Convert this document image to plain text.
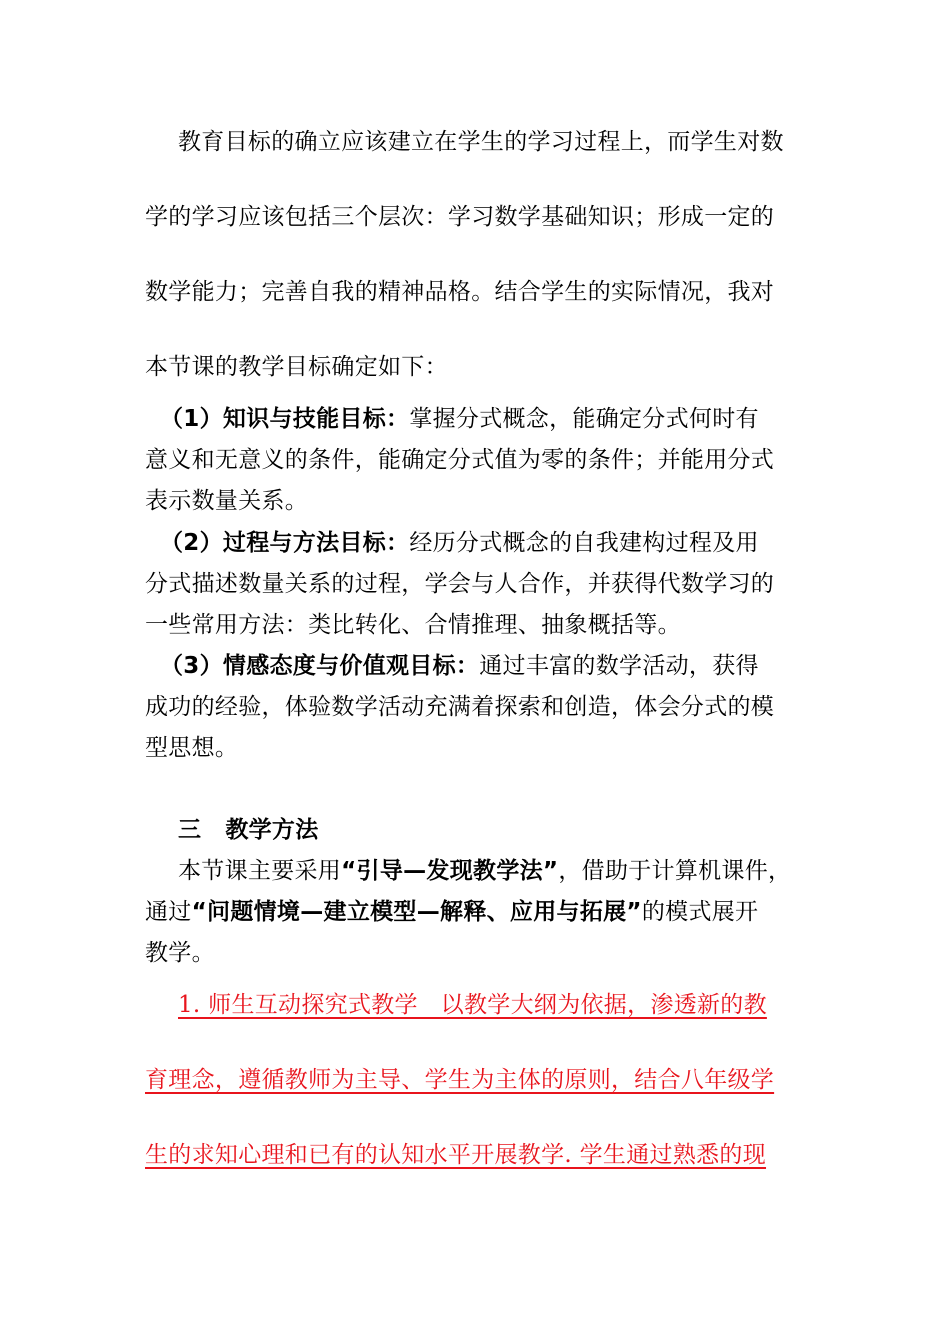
教育目标的确立应该建立在学生的学习过程上，而学生对数
学的学习应该包括三个层次：学习数学基础知识；形成一定的
数学能力；完善自我的精神品格。结合学生的实际情况，我对
本节课的教学目标确定如下：
（1）知识与技能目标：掌握分式概念，能确定分式何时有
意义和无意义的条件，能确定分式值为零的条件；并能用分式
表示数量关系。
（2）过程与方法目标：经历分式概念的自我建构过程及用
分式描述数量关系的过程，学会与人合作，并获得代数学习的
一些常用方法：类比转化、合情推理、抽象概括等。
（3）情感态度与价值观目标：通过丰富的数学活动，获得
成功的经验，体验数学活动充满着探索和创造，体会分式的模
型思想。
三 教学方法
本节课主要采用“引导—发现教学法”，借助于计算机课件，
通过“问题情境—建立模型—解释、应用与拓展”的模式展开
教学。
1. 师生互动探究式教学   以教学大纲为依据，渗透新的教
育理念，遵循教师为主导、学生为主体的原则，结合八年级学
生的求知心理和已有的认知水平开展教学. 学生通过熟悉的现
